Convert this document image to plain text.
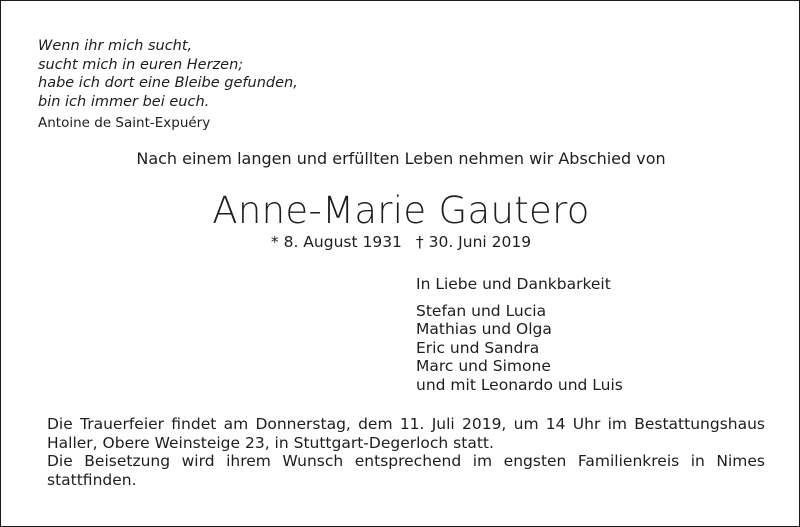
Wenn ihr mich sucht,
sucht mich in euren Herzen;
habe ich dort eine Bleibe gefunden,
bin ich immer bei euch.
Antoine de Saint-Expuéry
Nach einem langen und erfüllten Leben nehmen wir Abschied von
Anne-Marie Gautero
* 8. August 1931 † 30. Juni 2019
In Liebe und Dankbarkeit
Stefan und Lucia
Mathias und Olga
Eric und Sandra
Marc und Simone
und mit Leonardo und Luis
Die Trauerfeier findet am Donnerstag, dem 11. Juli 2019, um 14 Uhr im Bestattungshaus Haller, Obere Weinsteige 23, in Stuttgart-Degerloch statt.
Die Beisetzung wird ihrem Wunsch entsprechend im engsten Familienkreis in Nimes stattfinden.
